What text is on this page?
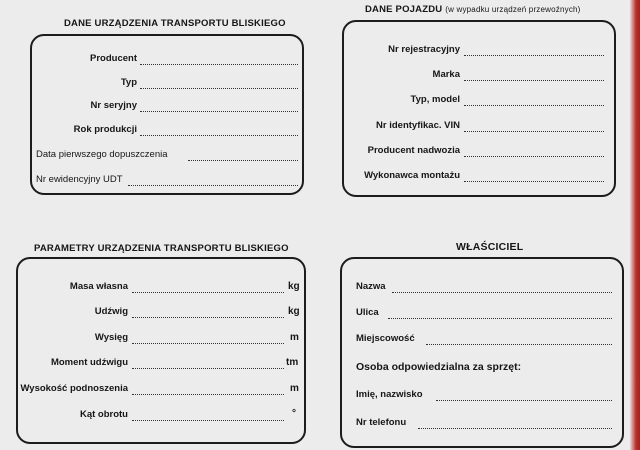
DANE URZĄDZENIA TRANSPORTU BLISKIEGO
Producent
Typ
Nr seryjny
Rok produkcji
Data pierwszego dopuszczenia
Nr ewidencyjny UDT
DANE POJAZDU (w wypadku urządzeń przewoźnych)
Nr rejestracyjny
Marka
Typ, model
Nr identyfikac. VIN
Producent nadwozia
Wykonawca montażu
PARAMETRY URZĄDZENIA TRANSPORTU BLISKIEGO
Masa własna	kg
Udźwig	kg
Wysięg	m
Moment udźwigu	tm
Wysokość podnoszenia	m
Kąt obrotu	°
WŁAŚCICIEL
Nazwa
Ulica
Miejscowość
Osoba odpowiedzialna za sprzęt:
Imię, nazwisko
Nr telefonu
